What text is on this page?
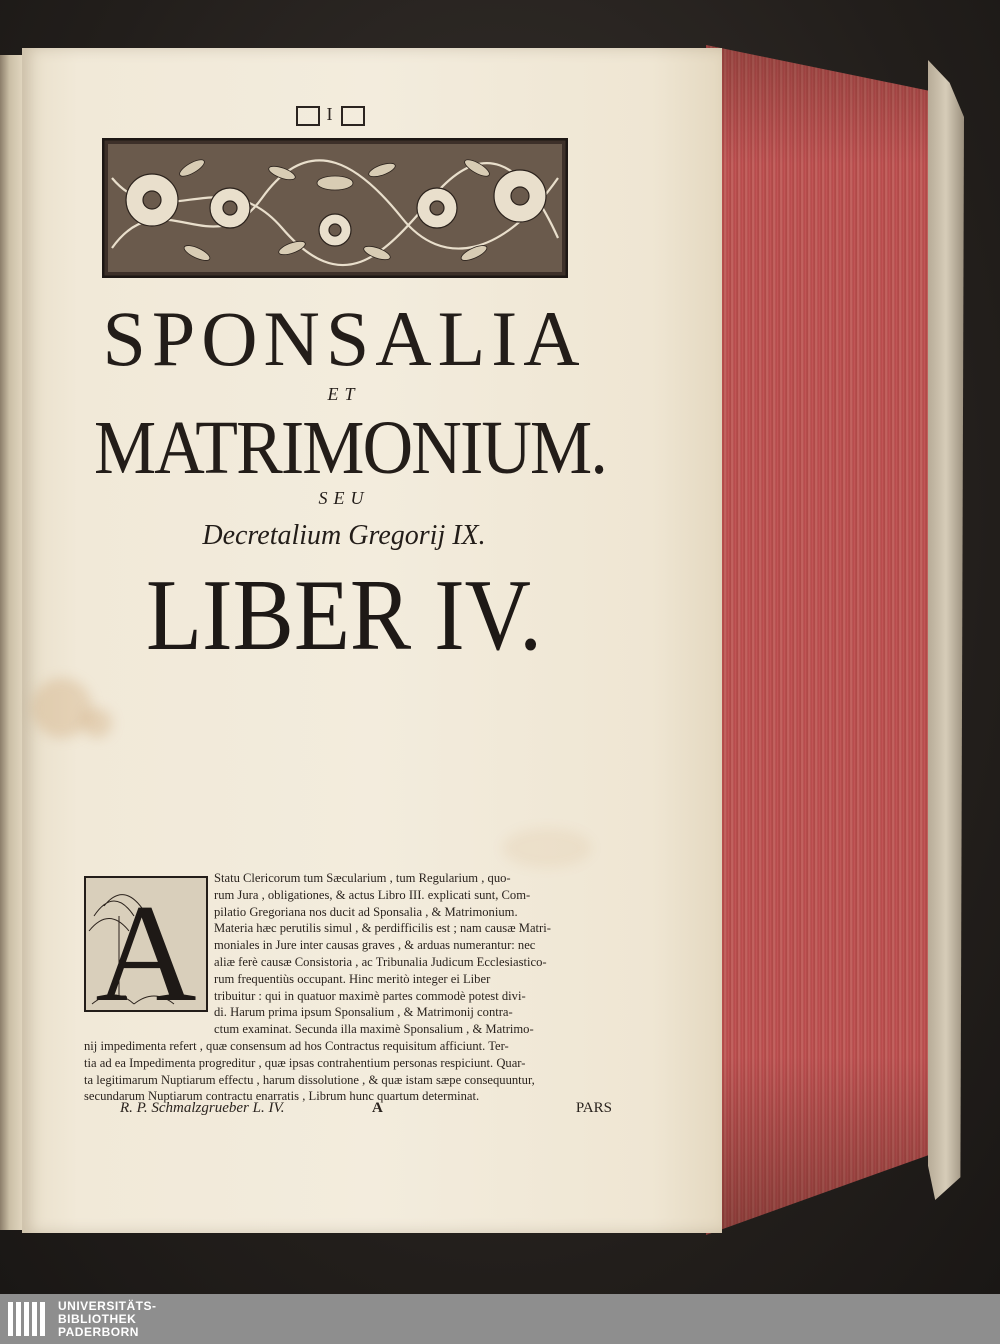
I
SPONSALIA
ET
MATRIMONIUM.
SEU
Decretalium Gregorij IX.
LIBER IV.
A	Statu Clericorum tum Sæcularium , tum Regularium , quo-
rum Jura , obligationes, & actus Libro III. explicati sunt, Com-
pilatio Gregoriana nos ducit ad Sponsalia , & Matrimonium.
Materia hæc perutilis simul , & perdifficilis est ; nam causæ Matri-
moniales in Jure inter causas graves , & arduas numerantur: nec
aliæ ferè causæ Consistoria , ac Tribunalia Judicum Ecclesiastico-
rum frequentiùs occupant. Hinc meritò integer ei Liber
tribuitur : qui in quatuor maximè partes commodè potest divi-
di. Harum prima ipsum Sponsalium , & Matrimonij contra-
ctum examinat. Secunda illa maximè Sponsalium , & Matrimo-
nij impedimenta refert , quæ consensum ad hos Contractus requisitum afficiunt. Ter-
tia ad ea Impedimenta progreditur , quæ ipsas contrahentium personas respiciunt. Quar-
ta legitimarum Nuptiarum effectu , harum dissolutione , & quæ istam sæpe consequuntur,
secundarum Nuptiarum contractu enarratis , Librum hunc quartum determinat.
R. P. Schmalzgrueber L. IV.	A	PARS
UNIVERSITÄTS-
BIBLIOTHEK
PADERBORN
